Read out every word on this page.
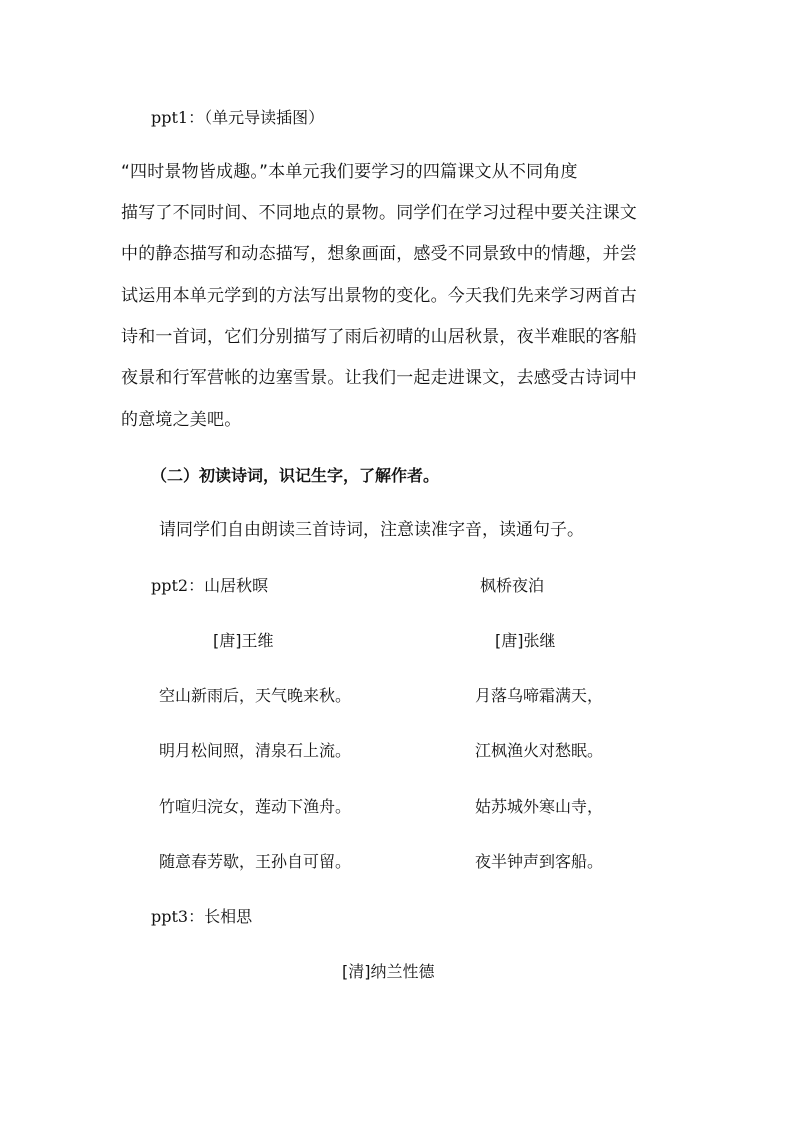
ppt1：（单元导读插图）
“四时景物皆成趣。”本单元我们要学习的四篇课文从不同角度
描写了不同时间、不同地点的景物。同学们在学习过程中要关注课文
中的静态描写和动态描写，想象画面，感受不同景致中的情趣，并尝
试运用本单元学到的方法写出景物的变化。今天我们先来学习两首古
诗和一首词，它们分别描写了雨后初晴的山居秋景，夜半难眠的客船
夜景和行军营帐的边塞雪景。让我们一起走进课文，去感受古诗词中
的意境之美吧。
（二）初读诗词，识记生字，了解作者。
请同学们自由朗读三首诗词，注意读准字音，读通句子。
ppt2：山居秋暝	枫桥夜泊
[唐]王维	[唐]张继
空山新雨后，天气晚来秋。
明月松间照，清泉石上流。
竹喧归浣女，莲动下渔舟。
随意春芳歇，王孙自可留。
月落乌啼霜满天，
江枫渔火对愁眠。
姑苏城外寒山寺，
夜半钟声到客船。
ppt3：长相思
[清]纳兰性德
